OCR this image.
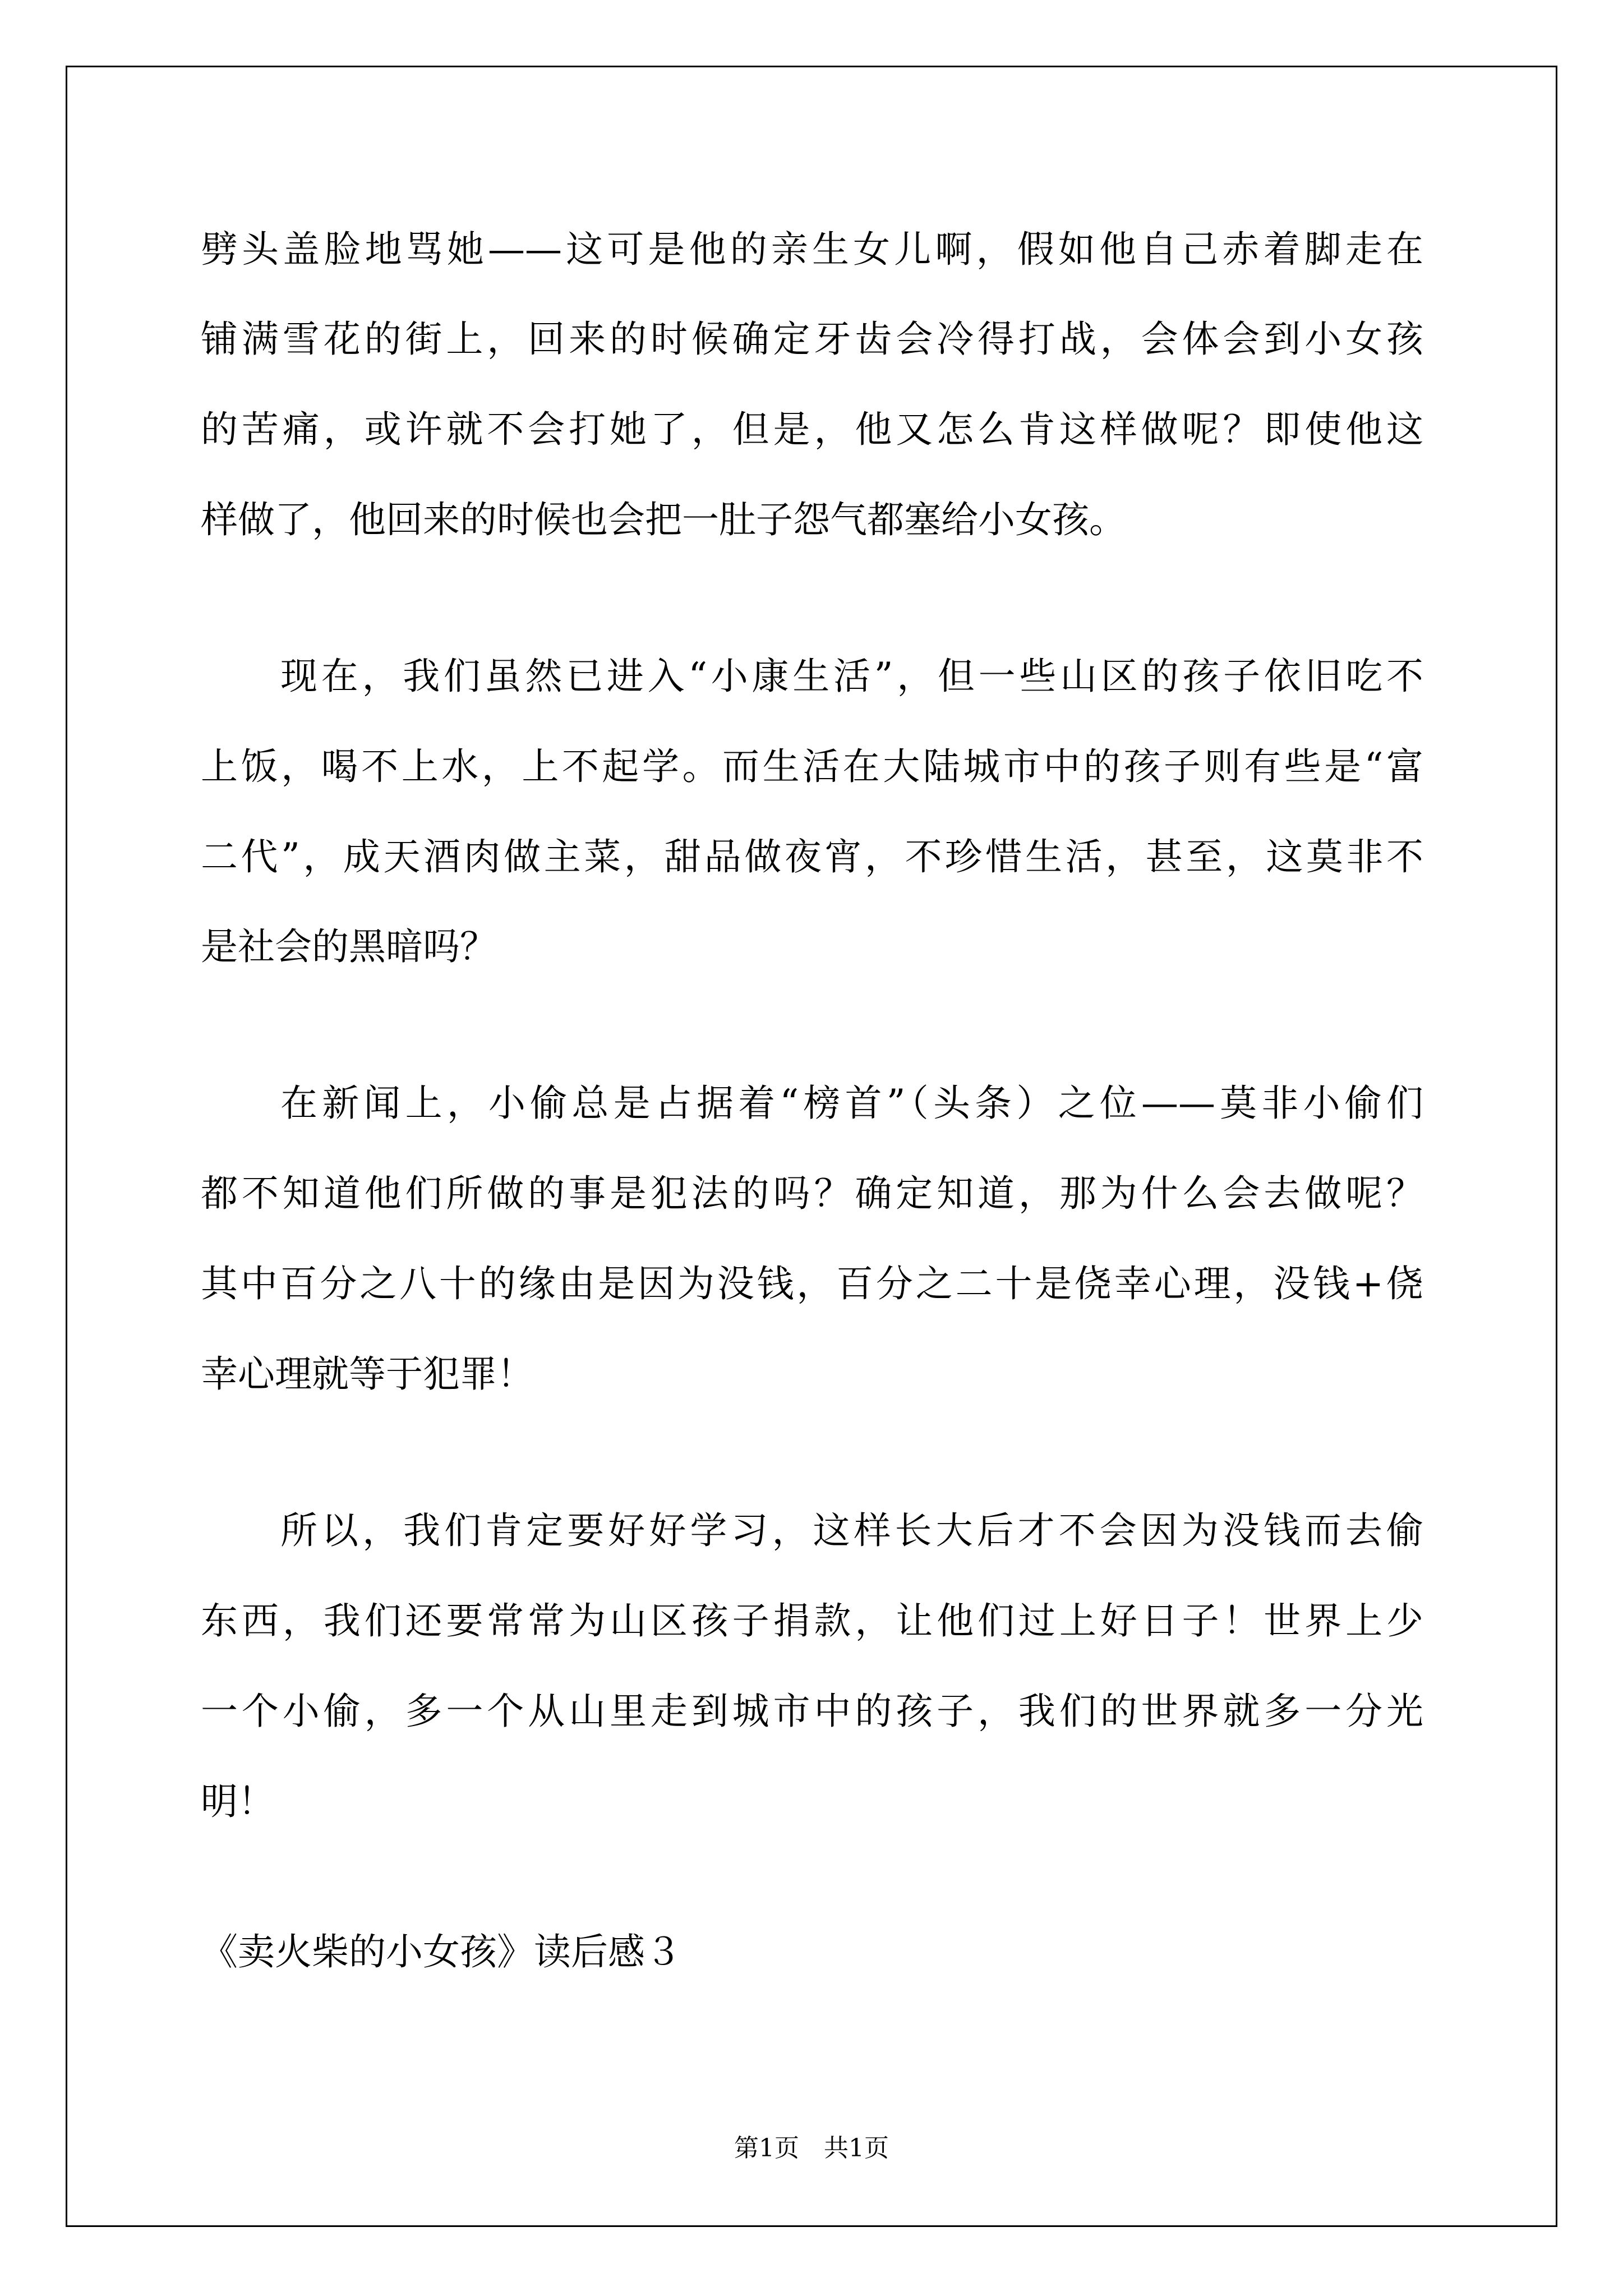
劈头盖脸地骂她——这可是他的亲生女儿啊，假如他自己赤着脚走在
铺满雪花的街上，回来的时候确定牙齿会冷得打战，会体会到小女孩
的苦痛，或许就不会打她了，但是，他又怎么肯这样做呢？即使他这
样做了，他回来的时候也会把一肚子怨气都塞给小女孩。
现在，我们虽然已进入“小康生活”，但一些山区的孩子依旧吃不
上饭，喝不上水，上不起学。而生活在大陆城市中的孩子则有些是“富
二代”，成天酒肉做主菜，甜品做夜宵，不珍惜生活，甚至，这莫非不
是社会的黑暗吗？
在新闻上，小偷总是占据着“榜首”（头条）之位——莫非小偷们
都不知道他们所做的事是犯法的吗？确定知道，那为什么会去做呢？
其中百分之八十的缘由是因为没钱，百分之二十是侥幸心理，没钱+侥
幸心理就等于犯罪！
所以，我们肯定要好好学习，这样长大后才不会因为没钱而去偷
东西，我们还要常常为山区孩子捐款，让他们过上好日子！世界上少
一个小偷，多一个从山里走到城市中的孩子，我们的世界就多一分光
明！
《卖火柴的小女孩》读后感３
第1页　共1页
